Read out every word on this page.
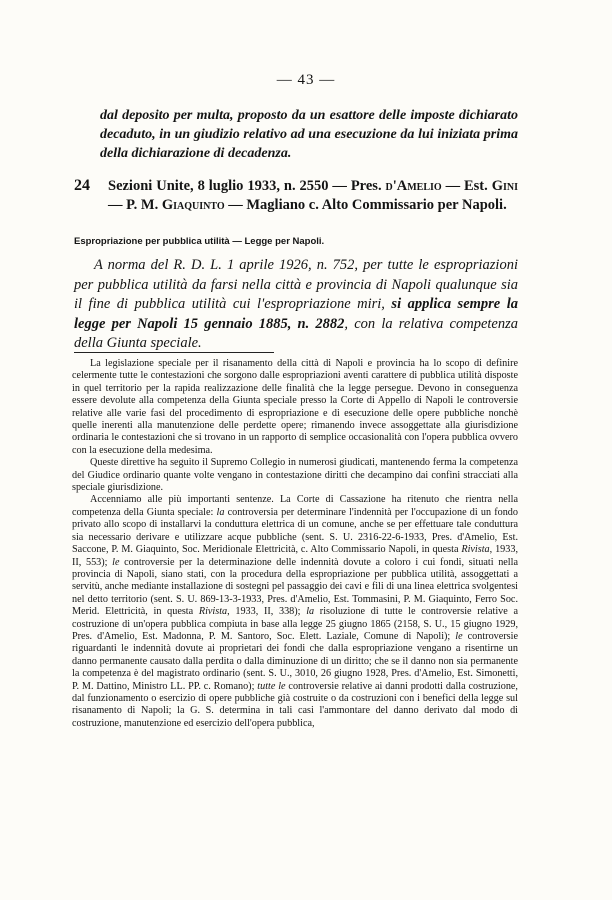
— 43 —
dal deposito per multa, proposto da un esattore delle imposte dichiarato decaduto, in un giudizio relativo ad una esecuzione da lui iniziata prima della dichiarazione di decadenza.
24 Sezioni Unite, 8 luglio 1933, n. 2550 — Pres. d'Amelio — Est. Gini — P. M. Giaquinto — Magliano c. Alto Commissario per Napoli.
Espropriazione per pubblica utilità — Legge per Napoli.
A norma del R. D. L. 1 aprile 1926, n. 752, per tutte le espropriazioni per pubblica utilità da farsi nella città e provincia di Napoli qualunque sia il fine di pubblica utilità cui l'espropriazione miri, si applica sempre la legge per Napoli 15 gennaio 1885, n. 2882, con la relativa competenza della Giunta speciale.

La legislazione speciale per il risanamento della città di Napoli e provincia ha lo scopo di definire celermente tutte le contestazioni che sorgono dalle espropriazioni aventi carattere di pubblica utilità disposte in quel territorio per la rapida realizzazione delle finalità che la legge persegue. Devono in conseguenza essere devolute alla competenza della Giunta speciale presso la Corte di Appello di Napoli le controversie relative alle varie fasi del procedimento di espropriazione e di esecuzione delle opere pubbliche nonchè quelle inerenti alla manutenzione delle perdette opere; rimanendo invece assoggettate alla giurisdizione ordinaria le contestazioni che si trovano in un rapporto di semplice occasionalità con l'opera pubblica ovvero con la esecuzione della medesima.

Queste direttive ha seguito il Supremo Collegio in numerosi giudicati, mantenendo ferma la competenza del Giudice ordinario quante volte vengano in contestazione diritti che decampino dai confini stracciati alla speciale giurisdizione.

Accenniamo alle più importanti sentenze. La Corte di Cassazione ha ritenuto che rientra nella competenza della Giunta speciale: la controversia per determinare l'indennità per l'occupazione di un fondo privato allo scopo di installarvi la conduttura elettrica di un comune, anche se per effettuare tale conduttura sia necessario derivare e utilizzare acque pubbliche (sent. S. U. 2316-22-6-1933, Pres. d'Amelio, Est. Saccone, P. M. Giaquinto, Soc. Meridionale Elettricità, c. Alto Commissario Napoli, in questa Rivista, 1933, II, 553); le controversie per la determinazione delle indennità dovute a coloro i cui fondi, situati nella provincia di Napoli, siano stati, con la procedura della espropriazione per pubblica utilità, assoggettati a servitù, anche mediante installazione di sostegni pel passaggio dei cavi e fili di una linea elettrica svolgentesi nel detto territorio (sent. S. U. 869-13-3-1933, Pres. d'Amelio, Est. Tommasini, P. M. Giaquinto, Ferro Soc. Merid. Elettricità, in questa Rivista, 1933, II, 338); la risoluzione di tutte le controversie relative a costruzione di un'opera pubblica compiuta in base alla legge 25 giugno 1865 (2158, S. U., 15 giugno 1929, Pres. d'Amelio, Est. Madonna, P. M. Santoro, Soc. Elett. Laziale, Comune di Napoli); le controversie riguardanti le indennità dovute ai proprietari dei fondi che dalla espropriazione vengano a risentirne un danno permanente causato dalla perdita o dalla diminuzione di un diritto; che se il danno non sia permanente la competenza è del magistrato ordinario (sent. S. U., 3010, 26 giugno 1928, Pres. d'Amelio, Est. Simonetti, P. M. Dattino, Ministro LL. PP. c. Romano); tutte le controversie relative ai danni prodotti dalla costruzione, dal funzionamento o esercizio di opere pubbliche già costruite o da costruzioni con i benefici della legge sul risanamento di Napoli; la G. S. determina in tali casi l'ammontare del danno derivato dal modo di costruzione, manutenzione ed esercizio dell'opera pubblica,
